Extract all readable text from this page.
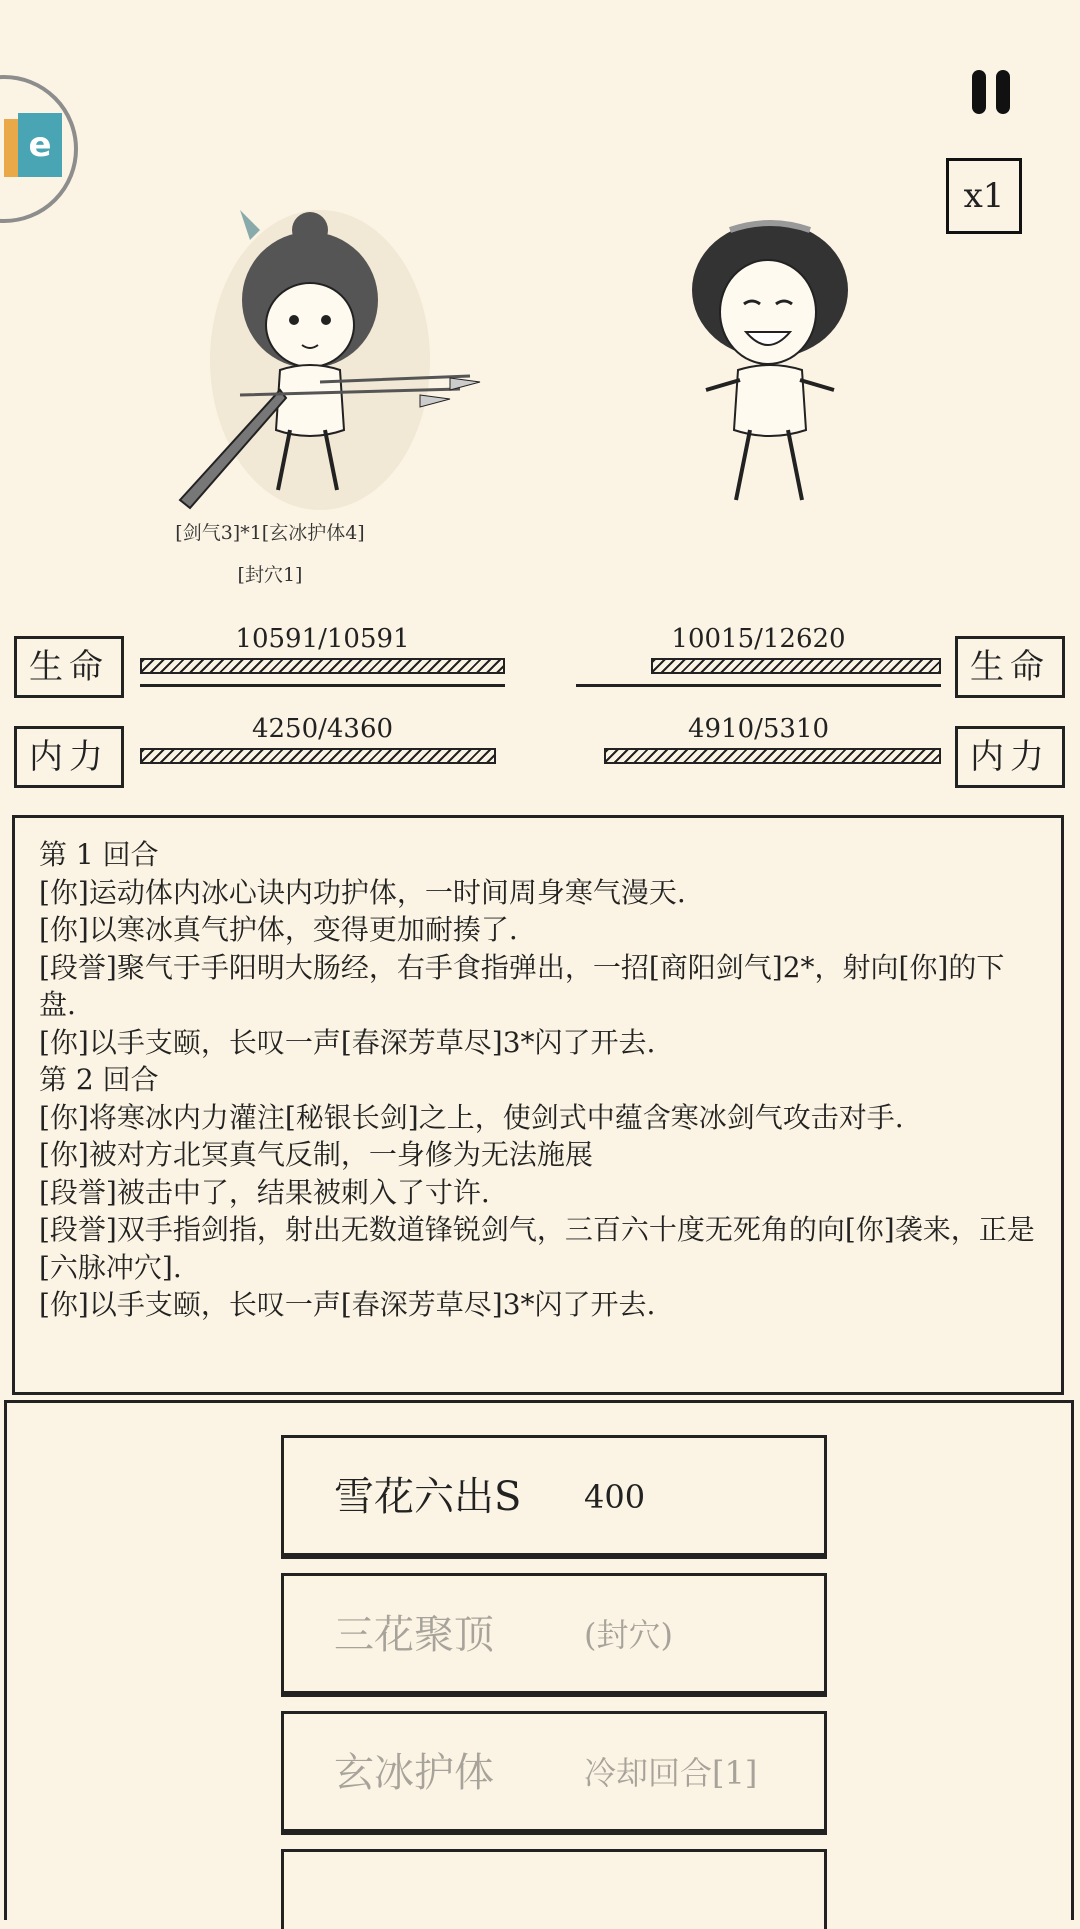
e
x1
[剑气3]*1[玄冰护体4]
[封穴1]
生命
10591/10591
生命
10015/12620
内力
4250/4360
内力
4910/5310
第 1 回合
[你]运动体内冰心诀内功护体，一时间周身寒气漫天.
[你]以寒冰真气护体，变得更加耐揍了.
[段誉]聚气于手阳明大肠经，右手食指弹出，一招[商阳剑气]2*，射向[你]的下盘.
[你]以手支颐，长叹一声[春深芳草尽]3*闪了开去.
第 2 回合
[你]将寒冰内力灌注[秘银长剑]之上，使剑式中蕴含寒冰剑气攻击对手.
[你]被对方北冥真气反制，一身修为无法施展
[段誉]被击中了，结果被刺入了寸许.
[段誉]双手指剑指，射出无数道锋锐剑气，三百六十度无死角的向[你]袭来，正是[六脉冲穴].
[你]以手支颐，长叹一声[春深芳草尽]3*闪了开去.
雪花六出S 400
三花聚顶	(封穴)
玄冰护体	冷却回合[1]
